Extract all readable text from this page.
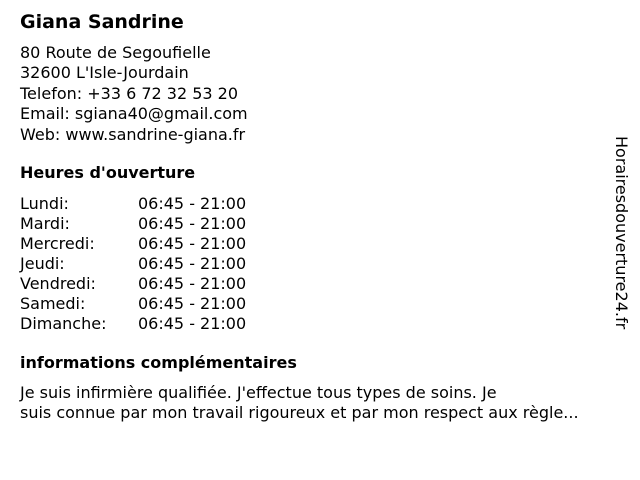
Giana Sandrine
80 Route de Segoufielle
32600 L'Isle-Jourdain
Telefon: +33 6 72 32 53 20
Email: sgiana40@gmail.com
Web: www.sandrine-giana.fr
Heures d'ouverture
Lundi:	06:45 - 21:00
Mardi:	06:45 - 21:00
Mercredi:	06:45 - 21:00
Jeudi:	06:45 - 21:00
Vendredi:	06:45 - 21:00
Samedi:	06:45 - 21:00
Dimanche:	06:45 - 21:00
informations complémentaires
Je suis infirmière qualifiée. J'effectue tous types de soins. Je
suis connue par mon travail rigoureux et par mon respect aux règle...
Horairesdouverture24.fr
